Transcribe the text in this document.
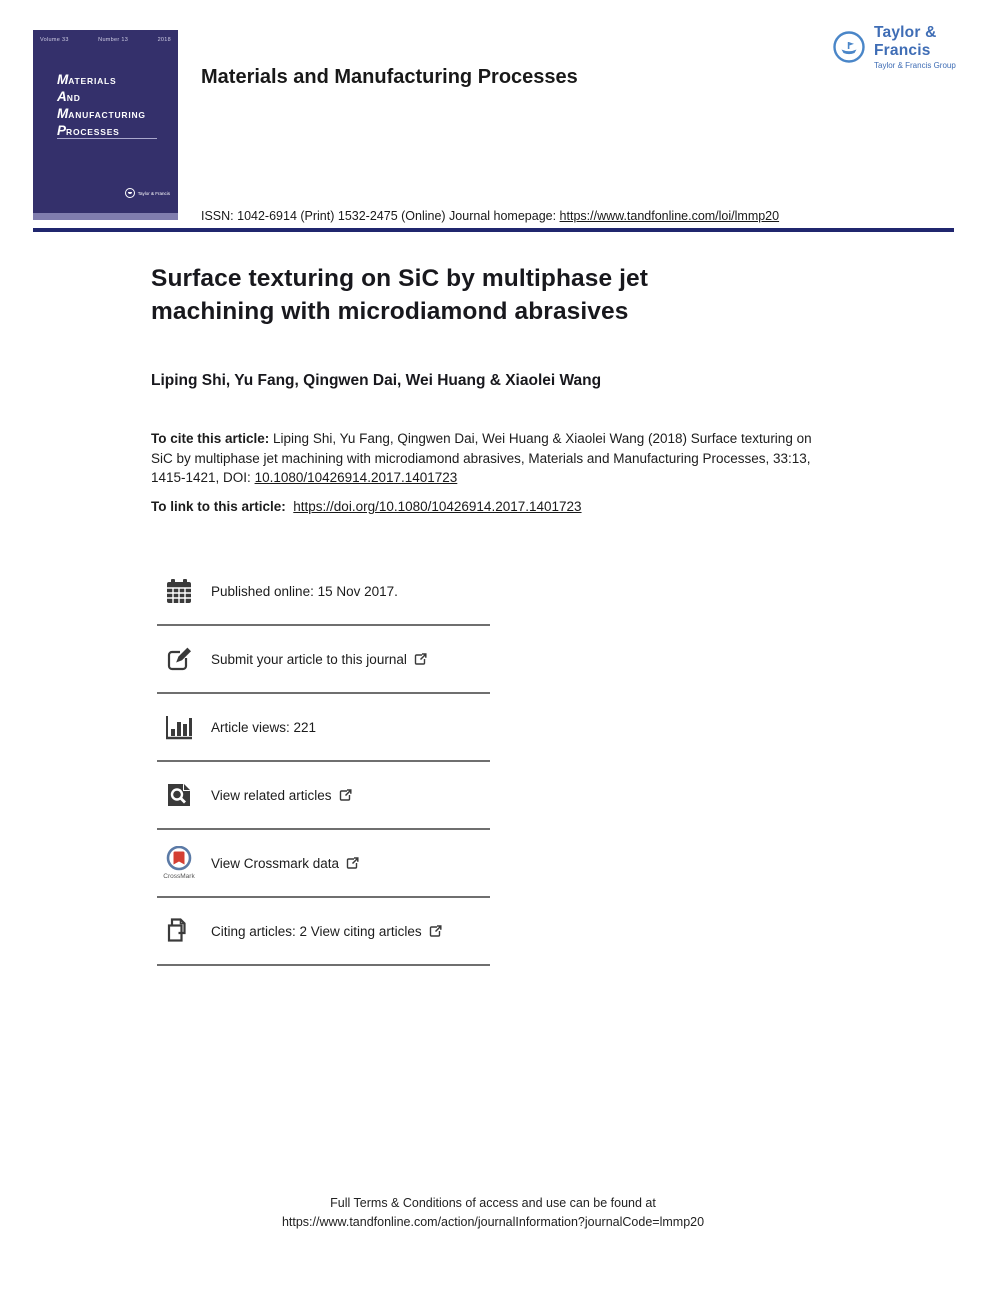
Volume 33	Number 13	2018
MATERIALS
AND
MANUFACTURING
PROCESSES
Taylor & Francis
Taylor & Francis
Taylor & Francis Group
Materials and Manufacturing Processes
ISSN: 1042-6914 (Print) 1532-2475 (Online) Journal homepage: https://www.tandfonline.com/loi/lmmp20
Surface texturing on SiC by multiphase jet
machining with microdiamond abrasives
Liping Shi, Yu Fang, Qingwen Dai, Wei Huang & Xiaolei Wang
To cite this article: Liping Shi, Yu Fang, Qingwen Dai, Wei Huang & Xiaolei Wang (2018) Surface texturing on SiC by multiphase jet machining with microdiamond abrasives, Materials and Manufacturing Processes, 33:13, 1415-1421, DOI: 10.1080/10426914.2017.1401723
To link to this article:  https://doi.org/10.1080/10426914.2017.1401723
Published online: 15 Nov 2017.
Submit your article to this journal
Article views: 221
View related articles
CrossMark
View Crossmark data
Citing articles: 2 View citing articles
Full Terms & Conditions of access and use can be found at
https://www.tandfonline.com/action/journalInformation?journalCode=lmmp20
